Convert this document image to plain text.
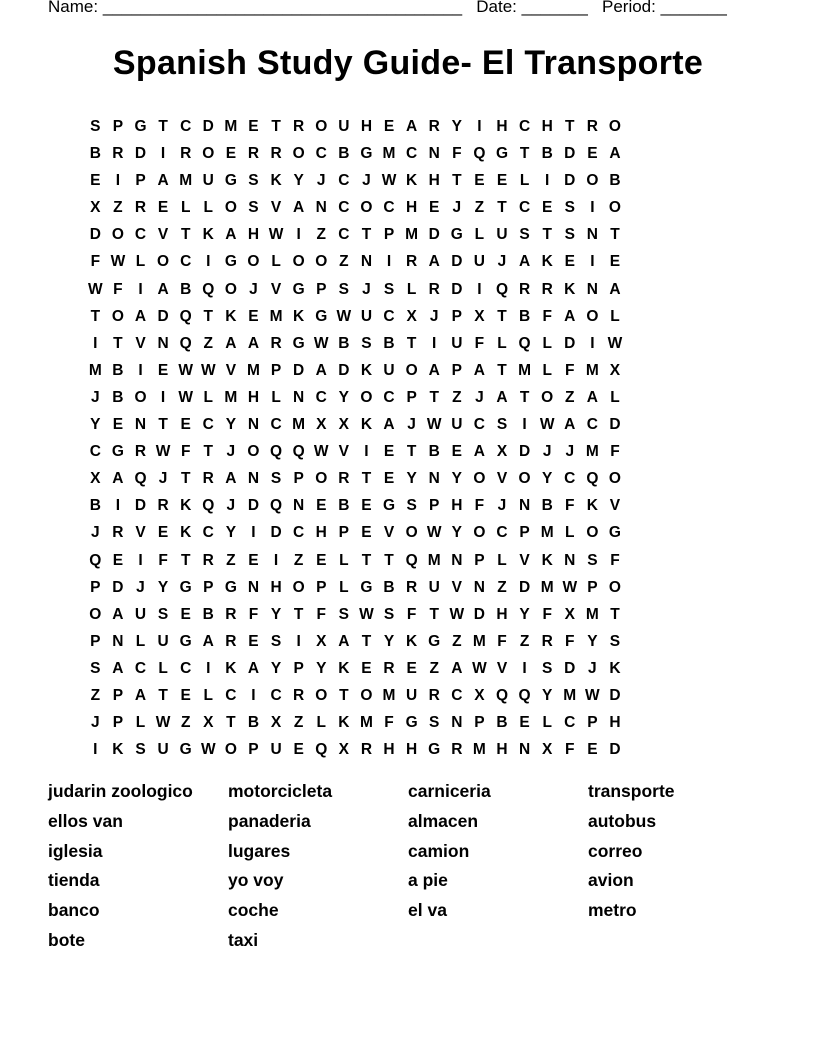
Name: ______________________________________ Date: _______ Period: _______
Spanish Study Guide- El Transporte
S P G T C D M E T R O U H E A R Y I H C H T R O
B R D I R O E R R O C B G M C N F Q G T B D E A
E I P A M U G S K Y J C J W K H T E E L	I D O B
X Z R E L L O S V A N C O C H E J Z T C E S I O
D O C V T K A H W I	Z C T P M D G L U S T S N T
F W L O C I G O L O O Z N I R A D U J A K E I E
W F	I A B Q O J V G P S J S L R D I Q R R K N A
T O A D Q T K E M K G W U C X J P X T B F A O L
I	T V N Q Z A A R G W B S B T	I U F L Q L D I W
M B I E W W V M P D A D K U O A P A T M L F M X
J B O I W L M H L N C Y O C P T Z J A T O Z A L
Y E N T E C Y N C M X X K A J W U C S I W A C D
C G R W F T J O Q Q W V I E T B E A X D J J M F
X A Q J T R A N S P O R T E Y N Y O V O Y C Q O
B I D R K Q J D Q N E B E G S P H F J N B F K V
J R V E K C Y I D C H P E V O W Y O C P M L O G
Q E I	F T R Z E I	Z E L T T Q M N P L V K N S F
P D J Y G P G N H O P L G B R U V N Z D M W P O
O A U S E B R F Y T F S W S F T W D H Y F X M T
P N L U G A R E S I X A T Y K G Z M F Z R F Y S
S A C L C I K A Y P Y K E R E Z A W V I S D J K
Z P A T E L C I C R O T O M U R C X Q Q Y M W D
J P L W Z X T B X Z L K M F G S N P B E L C P H
I K S U G W O P U E Q X R H H G R M H N X F E D
judarin zoologico
ellos van
iglesia
tienda
banco
bote
motorcicleta
panaderia
lugares
yo voy
coche
taxi
carniceria
almacen
camion
a pie
el va
transporte
autobus
correo
avion
metro
